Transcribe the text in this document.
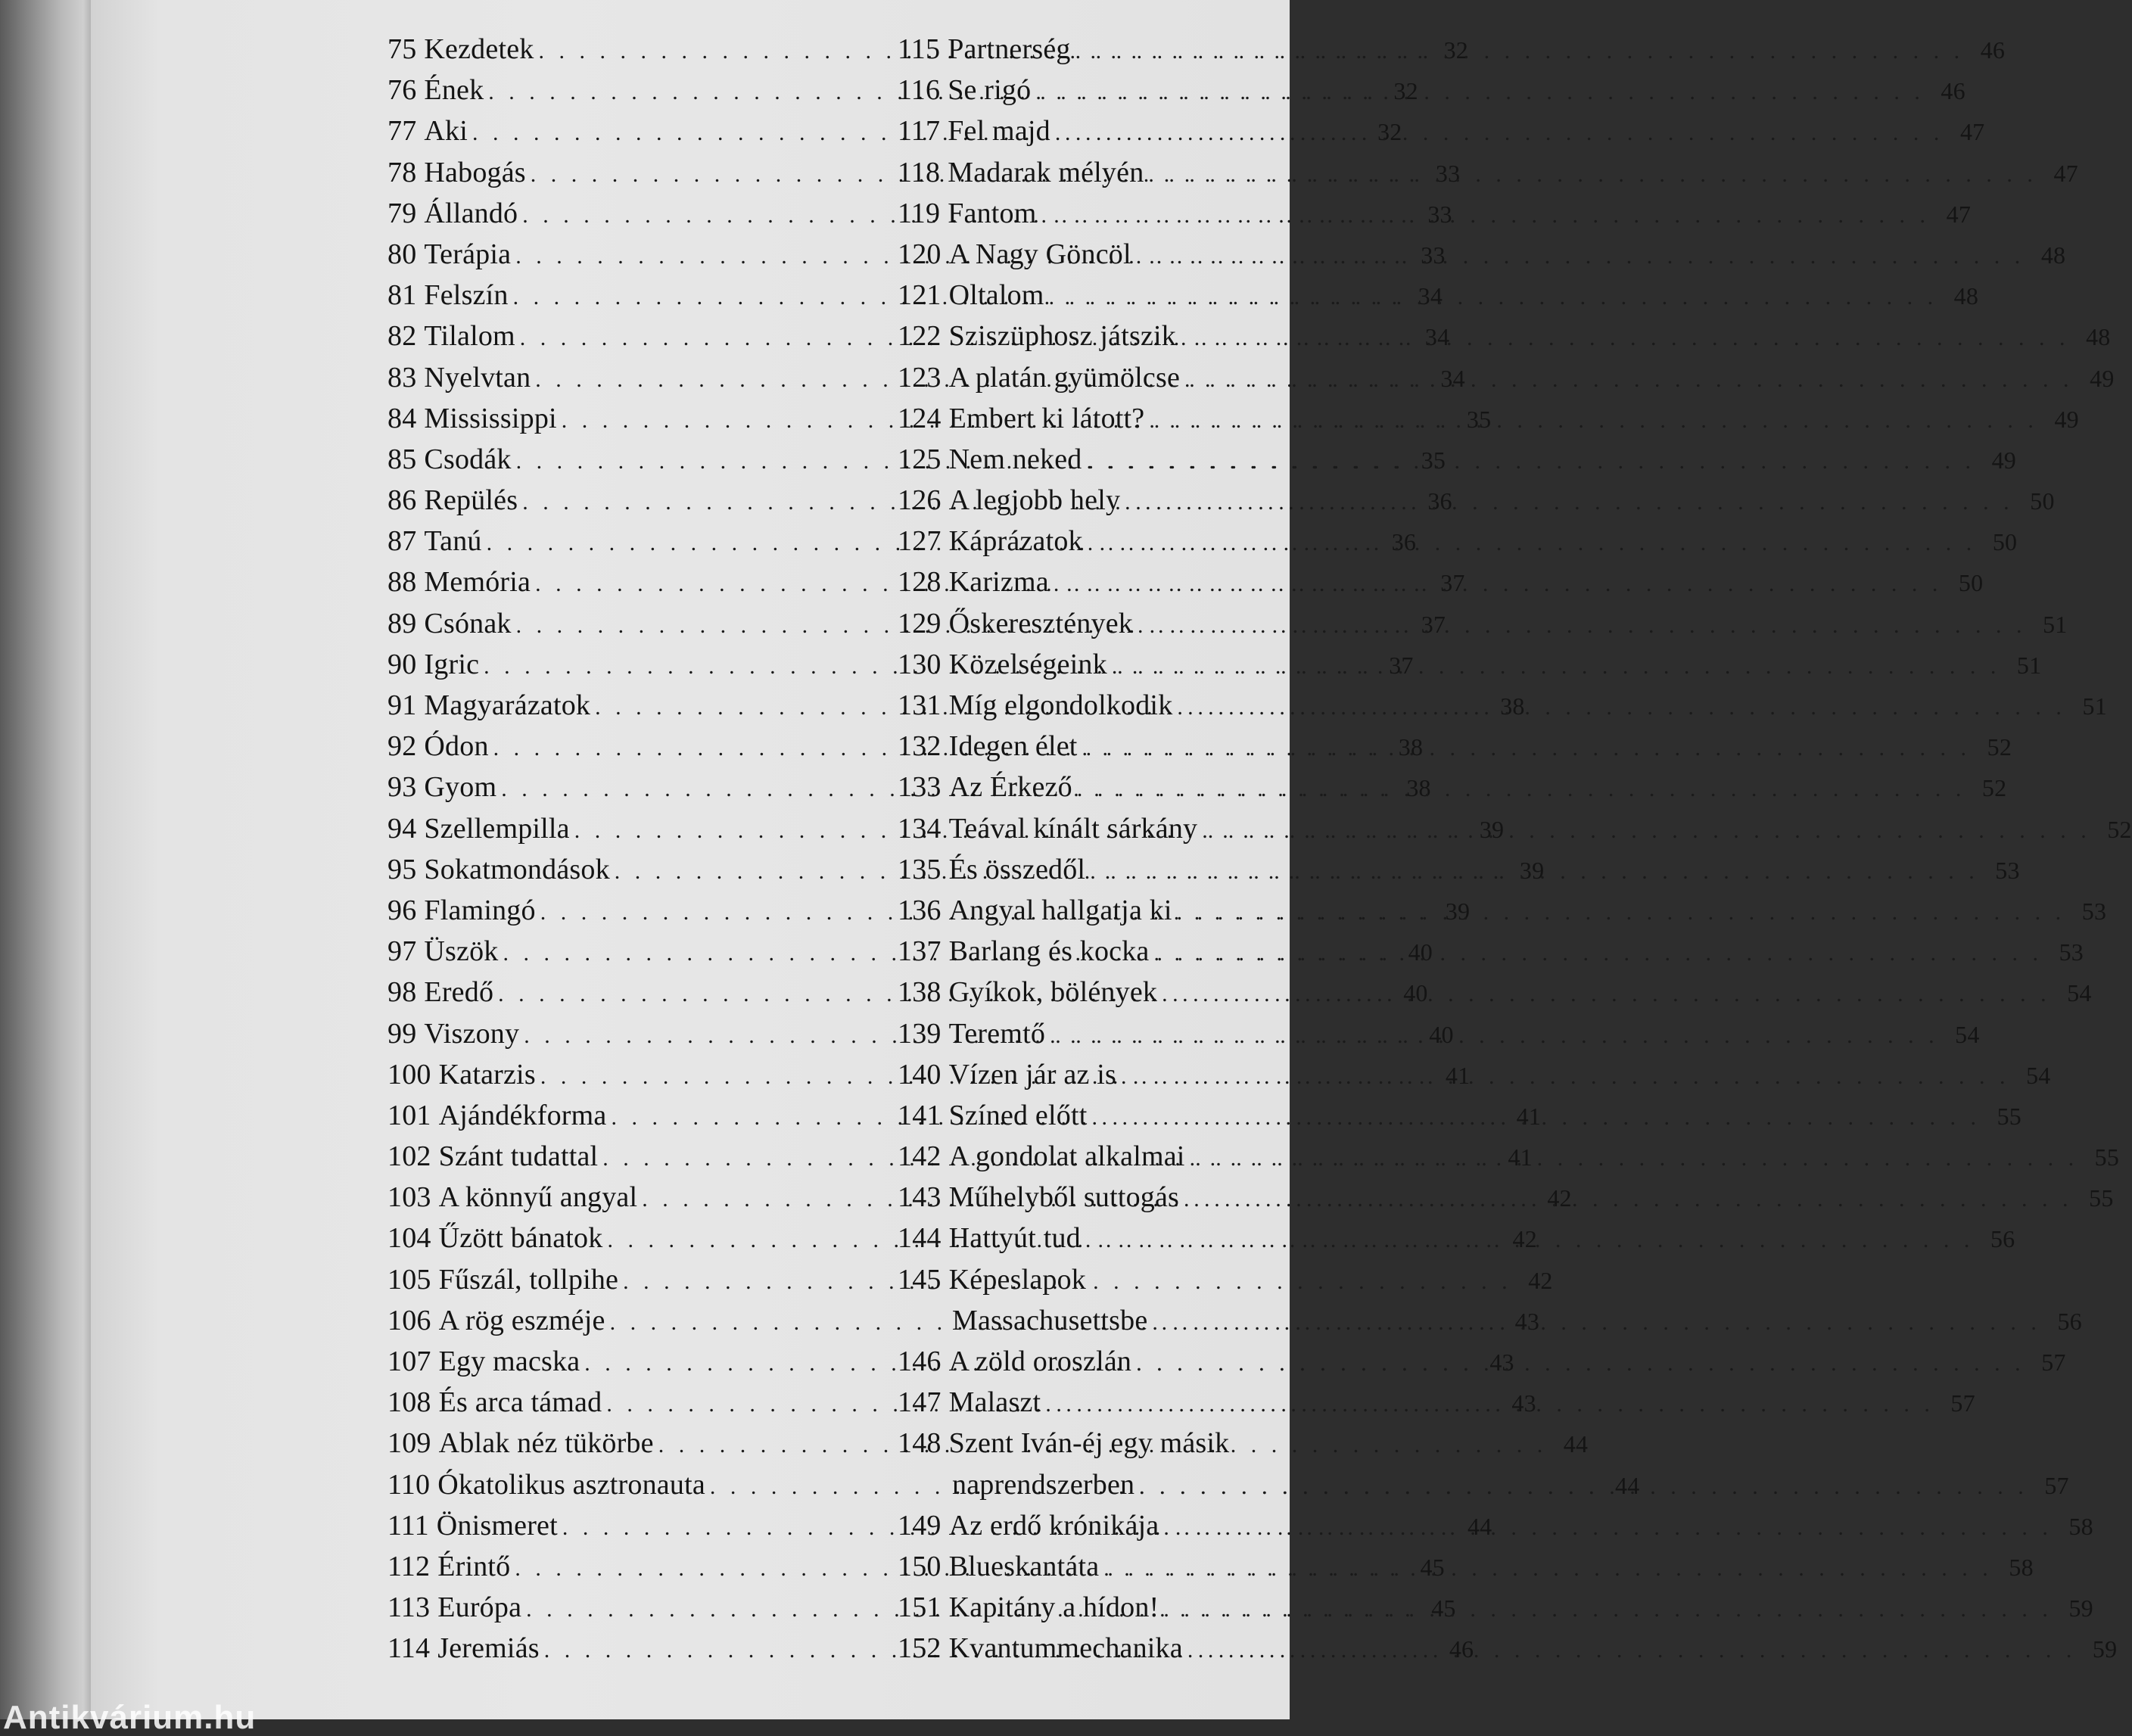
75 Kezdetek . . .	32
76 Ének . . .	32
77 Aki . . .	32
78 Habogás . . .	33
79 Állandó . . .	33
80 Terápia . . .	33
81 Felszín . . .	34
82 Tilalom . . .	34
83 Nyelvtan . . .	34
84 Mississippi . . .	35
85 Csodák . . .	35
86 Repülés . . .	36
87 Tanú . . .	36
88 Memória . . .	37
89 Csónak . . .	37
90 Igric . . .	37
91 Magyarázatok . . .	38
92 Ódon . . .	38
93 Gyom . . .	38
94 Szellempilla . . .	39
95 Sokatmondások . . .	39
96 Flamingó . . .	39
97 Üszök . . .	40
98 Eredő . . .	40
99 Viszony . . .	40
100 Katarzis . . .	41
101 Ajándékforma . . .	41
102 Szánt tudattal . . .	41
103 A könnyű angyal . . .	42
104 Űzött bánatok . . .	42
105 Fűszál, tollpihe . . .	42
106 A rög eszméje . . .	43
107 Egy macska . . .	43
108 És arca támad . . .	43
109 Ablak néz tükörbe . . .	44
110 Ókatolikus asztronauta . . .	44
111 Önismeret . . .	44
112 Érintő . . .	45
113 Európa . . .	45
114 Jeremiás . . .	46
115 Partnerség . . .	46
116 Se rigó . . .	46
117 Fel majd . . .	47
118 Madarak mélyén . . .	47
119 Fantom . . .	47
120 A Nagy Göncöl . . .	48
121 Oltalom . . .	48
122 Sziszüphosz játszik . . .	48
123 A platán gyümölcse . . .	49
124 Embert ki látott? . . .	49
125 Nem neked . . .	49
126 A legjobb hely . . .	50
127 Káprázatok . . .	50
128 Karizma . . .	50
129 Őskeresztények . . .	51
130 Közelségeink . . .	51
131 Míg elgondolkodik . . .	51
132 Idegen élet . . .	52
133 Az Érkező . . .	52
134 Teával kínált sárkány . . .	52
135 És összedől . . .	53
136 Angyal hallgatja ki . . .	53
137 Barlang és kocka . . .	53
138 Gyíkok, bölények . . .	54
139 Teremtő . . .	54
140 Vízen jár az is . . .	54
141 Színed előtt . . .	55
142 A gondolat alkalmai . . .	55
143 Műhelyből suttogás . . .	55
144 Hattyút tud . . .	56
145 Képeslapok
Massachusettsbe . . .	56
146 A zöld oroszlán . . .	57
147 Malaszt . . .	57
148 Szent Iván-éj egy másik
naprendszerben . . .	57
149 Az erdő krónikája . . .	58
150 Blueskantáta . . .	58
151 Kapitány a hídon! . . .	59
152 Kvantummechanika . . .	59
Antikvárium.hu
